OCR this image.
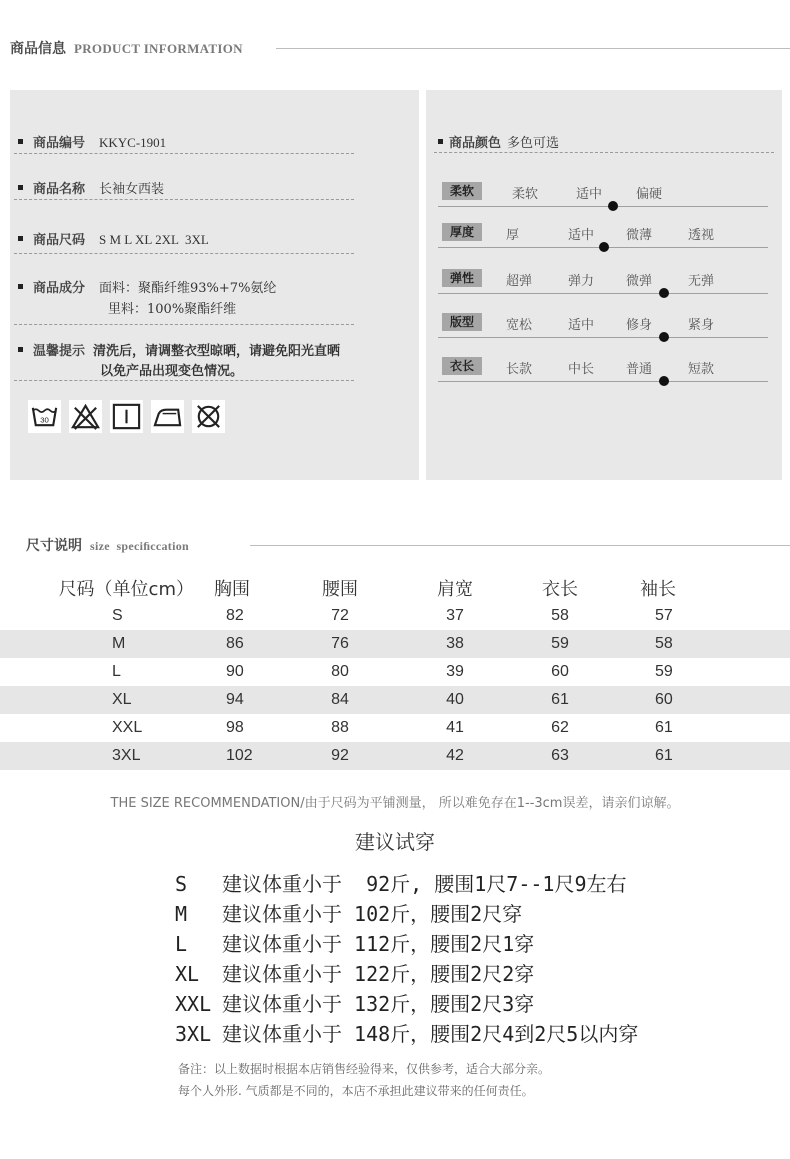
商品信息 PRODUCT INFORMATION
商品编号 KKYC-1901
商品名称 长袖女西装
商品尺码 S M L XL 2XL  3XL
商品成分 面料：聚酯纤维93%+7%氨纶
里料：100%聚酯纤维
温馨提示 清洗后，请调整衣型晾晒，请避免阳光直晒
以免产品出现变色情况。
30
商品颜色 多色可选
柔软	柔软	适中	偏硬
厚度	厚	适中 微薄	透视
弹性	超弹	弹力 微弹	无弹
版型	宽松	适中 修身	紧身
衣长	长款	中长 普通	短款
尺寸说明 size  speciﬁccation
尺码（单位cm）	胸围	腰围	肩宽	衣长	袖长	
S	82	72	37	58	57	
M	86	76	38	59	58	
L	90	80	39	60	59	
XL	94	84	40	61	60	
XXL	98	88	41	62	61	
3XL	102	92	42	63	61	
THE SIZE RECOMMENDATION/由于尺码为平铺测量， 所以难免存在1--3cm误差，请亲们谅解。
建议试穿
S 建议体重小于  92斤, 腰围1尺7--1尺9左右
M 建议体重小于 102斤，腰围2尺穿
L 建议体重小于 112斤，腰围2尺1穿
XL 建议体重小于 122斤，腰围2尺2穿
XXL 建议体重小于 132斤，腰围2尺3穿
3XL 建议体重小于 148斤，腰围2尺4到2尺5以内穿
备注：以上数据时根据本店销售经验得来，仅供参考，适合大部分亲。
每个人外形. 气质都是不同的，本店不承担此建议带来的任何责任。
